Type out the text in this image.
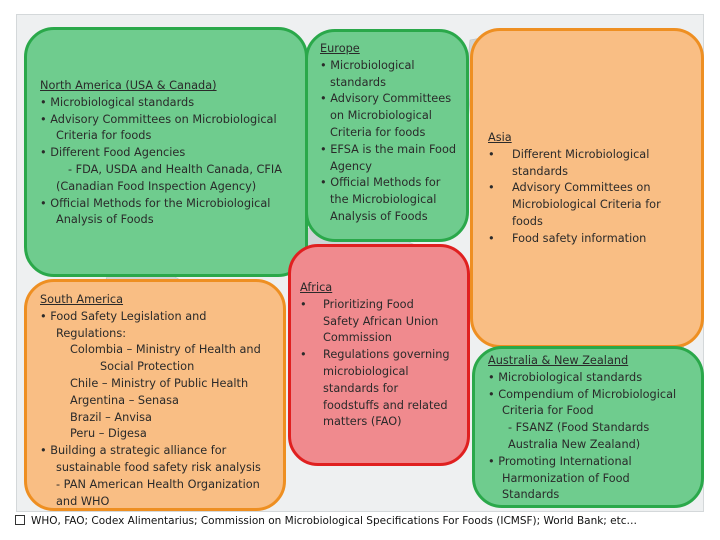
North America (USA & Canada)
• Microbiological standards
• Advisory Committees on Microbiological
Criteria for foods
• Different Food Agencies
- FDA, USDA and Health Canada, CFIA
(Canadian Food Inspection Agency)
• Official Methods for the Microbiological
Analysis of Foods
Europe
• Microbiological
standards
• Advisory Committees
on Microbiological
Criteria for foods
• EFSA is the main Food
Agency
• Official Methods for
the Microbiological
Analysis of Foods
Asia
• Different Microbiological
standards
• Advisory Committees on
Microbiological Criteria for
foods
• Food safety information
South America
• Food Safety Legislation and
Regulations:
Colombia – Ministry of Health and
Social Protection
Chile – Ministry of Public Health
Argentina – Senasa
Brazil – Anvisa
Peru – Digesa
• Building a strategic alliance for
sustainable food safety risk analysis
- PAN American Health Organization
and WHO
Africa
• Prioritizing Food
Safety African Union
Commission
• Regulations governing
microbiological
standards for
foodstuffs and related
matters (FAO)
Australia & New Zealand
• Microbiological standards
• Compendium of Microbiological
Criteria for Food
- FSANZ (Food Standards
Australia New Zealand)
• Promoting International
Harmonization of Food
Standards
WHO, FAO; Codex Alimentarius; Commission on Microbiological Specifications For Foods (ICMSF); World Bank; etc…
